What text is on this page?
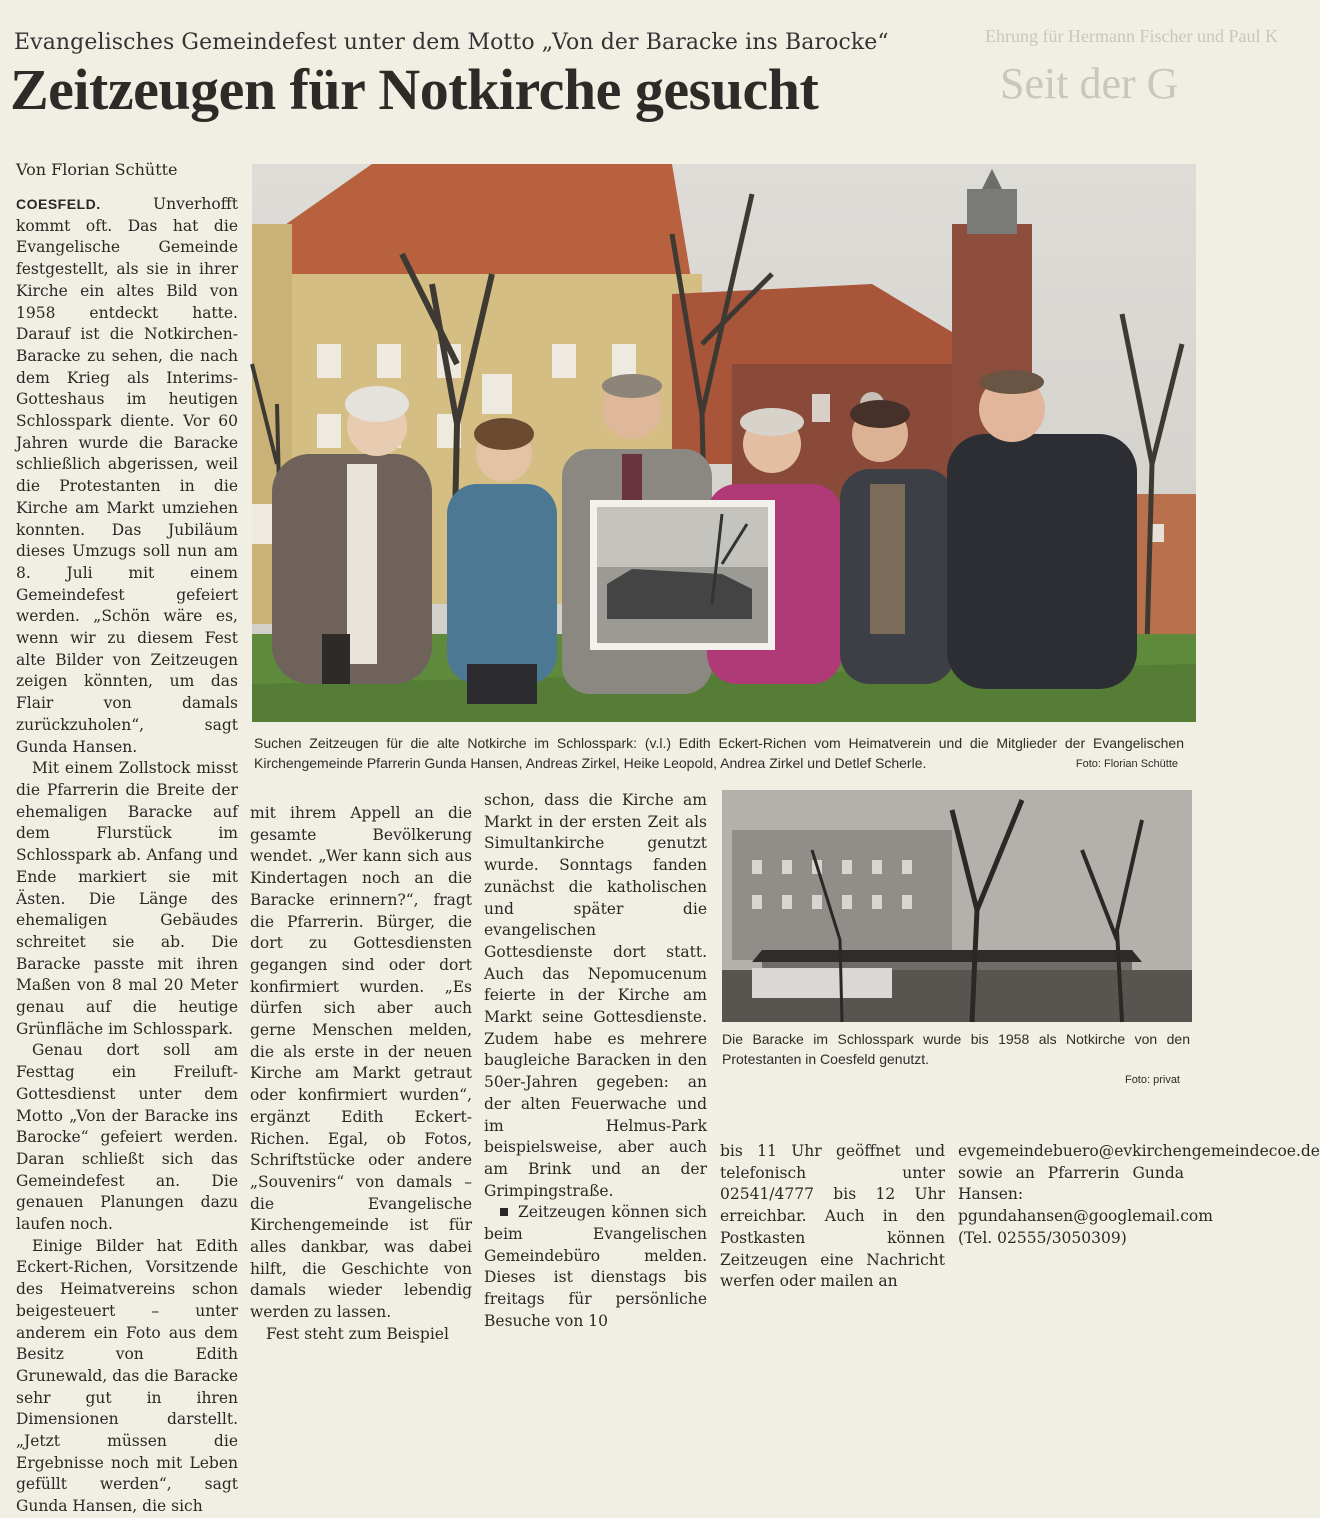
Ehrung für Hermann Fischer und Paul K
Seit der G
Evangelisches Gemeindefest unter dem Motto „Von der Baracke ins Barocke“
Zeitzeugen für Notkirche gesucht
Von Florian Schütte

COESFELD.	Unverhofft kommt oft. Das hat die Evangelische Gemeinde festgestellt, als sie in ihrer Kirche ein altes Bild von 1958 entdeckt hatte. Darauf ist die Notkirchen-Baracke zu sehen, die nach dem Krieg als Interims-Gotteshaus im heutigen Schlosspark diente. Vor 60 Jahren wurde die Baracke schließlich abgerissen, weil die Protestanten in die Kirche am Markt umziehen konnten. Das Jubiläum dieses Umzugs soll nun am 8. Juli mit einem Gemeindefest gefeiert werden. „Schön wäre es, wenn wir zu diesem Fest alte Bilder von Zeitzeugen zeigen könnten, um das Flair von damals zurückzuholen“, sagt Gunda Hansen.

Mit einem Zollstock misst die Pfarrerin die Breite der ehemaligen Baracke auf dem Flurstück im Schlosspark ab. Anfang und Ende markiert sie mit Ästen. Die Länge des ehemaligen Gebäudes schreitet sie ab. Die Baracke passte mit ihren Maßen von 8 mal 20 Meter genau auf die heutige Grünfläche im Schlosspark.

Genau dort soll am Festtag ein Freiluft-Gottesdienst unter dem Motto „Von der Baracke ins Barocke“ gefeiert werden. Daran schließt sich das Gemeindefest an. Die genauen Planungen dazu laufen noch.

Einige Bilder hat Edith Eckert-Richen, Vorsitzende des Heimatvereins schon beigesteuert – unter anderem ein Foto aus dem Besitz von Edith Grunewald, das die Baracke sehr gut in ihren Dimensionen darstellt. „Jetzt müssen die Ergebnisse noch mit Leben gefüllt werden“, sagt Gunda Hansen, die sich

Suchen Zeitzeugen für die alte Notkirche im Schlosspark: (v.l.) Edith Eckert-Richen vom Heimatverein und die Mitglieder der Evangelischen Kirchengemeinde Pfarrerin Gunda Hansen, Andreas Zirkel, Heike Leopold, Andrea Zirkel und Detlef Scherle.	Foto: Florian Schütte

mit ihrem Appell an die gesamte Bevölkerung wendet. „Wer kann sich aus Kindertagen noch an die Baracke erinnern?“, fragt die Pfarrerin. Bürger, die dort zu Gottesdiensten gegangen sind oder dort konfirmiert wurden. „Es dürfen sich aber auch gerne Menschen melden, die als erste in der neuen Kirche am Markt getraut oder konfirmiert wurden“, ergänzt Edith Eckert-Richen. Egal, ob Fotos, Schriftstücke oder andere „Souvenirs“ von damals – die Evangelische Kirchengemeinde ist für alles dankbar, was dabei hilft, die Geschichte von damals wieder lebendig werden zu lassen.

Fest steht zum Beispiel

schon, dass die Kirche am Markt in der ersten Zeit als Simultankirche genutzt wurde. Sonntags fanden zunächst die katholischen und später die evangelischen Gottesdienste dort statt. Auch das Nepomucenum feierte in der Kirche am Markt seine Gottesdienste. Zudem habe es mehrere baugleiche Baracken in den 50er-Jahren gegeben: an der alten Feuerwache und im Helmus-Park beispielsweise, aber auch am Brink und an der Grimpingstraße.

Zeitzeugen können sich beim Evangelischen Gemeindebüro melden. Dieses ist dienstags bis freitags für persönliche Besuche von 10

Die Baracke im Schlosspark wurde bis 1958 als Notkirche von den Protestanten in Coesfeld genutzt.
Foto: privat

bis 11 Uhr geöffnet und telefonisch unter 02541/4777 bis 12 Uhr erreichbar. Auch in den Postkasten können Zeitzeugen eine Nachricht werfen oder mailen an

evgemeindebuero@evkirchengemeindecoe.de sowie an Pfarrerin Gunda Hansen: pgundahansen@googlemail.com (Tel. 02555/3050309)
